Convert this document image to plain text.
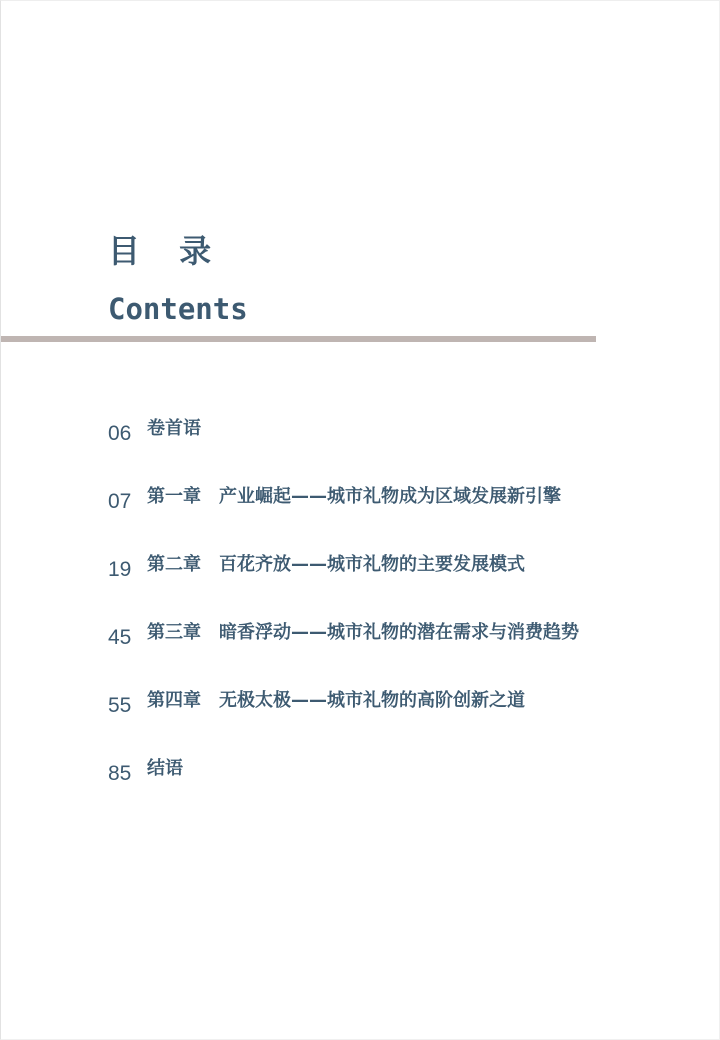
目 录
Contents
06 卷首语
07 第一章 产业崛起——城市礼物成为区域发展新引擎
19 第二章 百花齐放——城市礼物的主要发展模式
45 第三章 暗香浮动——城市礼物的潜在需求与消费趋势
55 第四章 无极太极——城市礼物的高阶创新之道
85 结语
